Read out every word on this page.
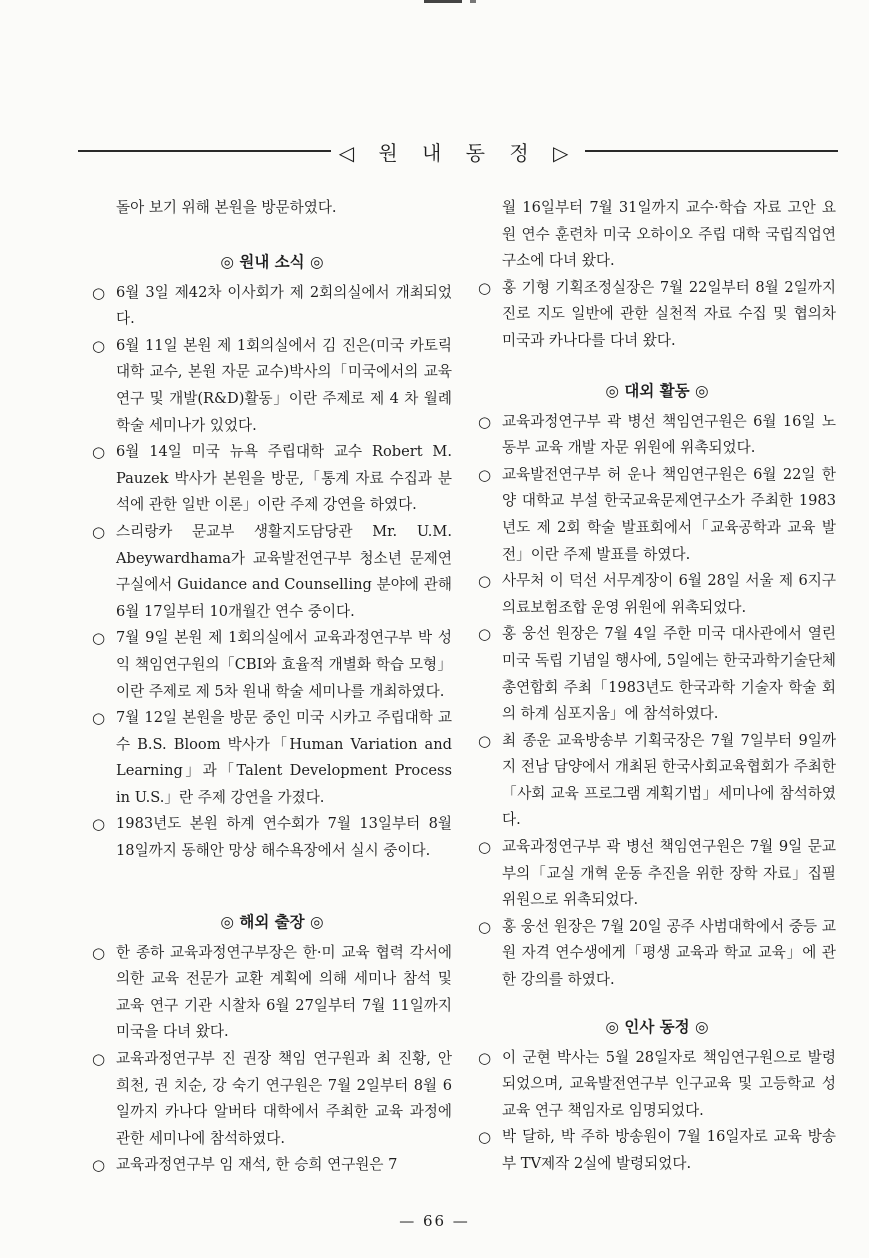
◁ 원 내 동 정 ▷

돌아 보기 위해 본원을 방문하였다.

◎ 원내 소식 ◎
○ 6월 3일 제42차 이사회가 제 2회의실에서 개최되었다.
○ 6월 11일 본원 제 1회의실에서 김 진은(미국 카토릭 대학 교수, 본원 자문 교수)박사의「미국에서의 교육 연구 및 개발(R&D)활동」이란 주제로 제 4 차 월례 학술 세미나가 있었다.
○ 6월 14일 미국 뉴욕 주립대학 교수 Robert M. Pauzek 박사가 본원을 방문,「통계 자료 수집과 분석에 관한 일반 이론」이란 주제 강연을 하였다.
○ 스리랑카 문교부 생활지도담당관 Mr. U.M. Abeywardhama가 교육발전연구부 청소년 문제연구실에서 Guidance and Counselling 분야에 관해 6월 17일부터 10개월간 연수 중이다.
○ 7월 9일 본원 제 1회의실에서 교육과정연구부 박 성익 책임연구원의「CBI와 효율적 개별화 학습 모형」이란 주제로 제 5차 원내 학술 세미나를 개최하였다.
○ 7월 12일 본원을 방문 중인 미국 시카고 주립대학 교수 B.S. Bloom 박사가「Human Variation and Learning」과「Talent Development Process in U.S.」란 주제 강연을 가졌다.
○ 1983년도 본원 하계 연수회가 7월 13일부터 8월 18일까지 동해안 망상 해수욕장에서 실시 중이다.
◎ 해외 출장 ◎
○ 한 종하 교육과정연구부장은 한·미 교육 협력 각서에 의한 교육 전문가 교환 계획에 의해 세미나 참석 및 교육 연구 기관 시찰차 6월 27일부터 7월 11일까지 미국을 다녀 왔다.
○ 교육과정연구부 진 권장 책임 연구원과 최 진황, 안 희천, 권 치순, 강 숙기 연구원은 7월 2일부터 8월 6일까지 카나다 알버타 대학에서 주최한 교육 과정에 관한 세미나에 참석하였다.
○ 교육과정연구부 임 재석, 한 승희 연구원은 7

월 16일부터 7월 31일까지 교수·학습 자료 고안 요원 연수 훈련차 미국 오하이오 주립 대학 국립직업연구소에 다녀 왔다.

○ 홍 기형 기획조정실장은 7월 22일부터 8월 2일까지 진로 지도 일반에 관한 실천적 자료 수집 및 협의차 미국과 카나다를 다녀 왔다.
◎ 대외 활동 ◎
○ 교육과정연구부 곽 병선 책임연구원은 6월 16일 노동부 교육 개발 자문 위원에 위촉되었다.
○ 교육발전연구부 허 운나 책임연구원은 6월 22일 한양 대학교 부설 한국교육문제연구소가 주최한 1983년도 제 2회 학술 발표회에서「교육공학과 교육 발전」이란 주제 발표를 하였다.
○ 사무처 이 덕선 서무계장이 6월 28일 서울 제 6지구 의료보험조합 운영 위원에 위촉되었다.
○ 홍 웅선 원장은 7월 4일 주한 미국 대사관에서 열린 미국 독립 기념일 행사에, 5일에는 한국과학기술단체총연합회 주최「1983년도 한국과학 기술자 학술 회의 하계 심포지움」에 참석하였다.
○ 최 종운 교육방송부 기획국장은 7월 7일부터 9일까지 전남 담양에서 개최된 한국사회교육협회가 주최한「사회 교육 프로그램 계획기법」세미나에 참석하였다.
○ 교육과정연구부 곽 병선 책임연구원은 7월 9일 문교부의「교실 개혁 운동 추진을 위한 장학 자료」집필 위원으로 위촉되었다.
○ 홍 웅선 원장은 7월 20일 공주 사범대학에서 중등 교원 자격 연수생에게「평생 교육과 학교 교육」에 관한 강의를 하였다.
◎ 인사 동정 ◎
○ 이 군현 박사는 5월 28일자로 책임연구원으로 발령되었으며, 교육발전연구부 인구교육 및 고등학교 성교육 연구 책임자로 임명되었다.
○ 박 달하, 박 주하 방송원이 7월 16일자로 교육 방송부 TV제작 2실에 발령되었다.
— 66 —
